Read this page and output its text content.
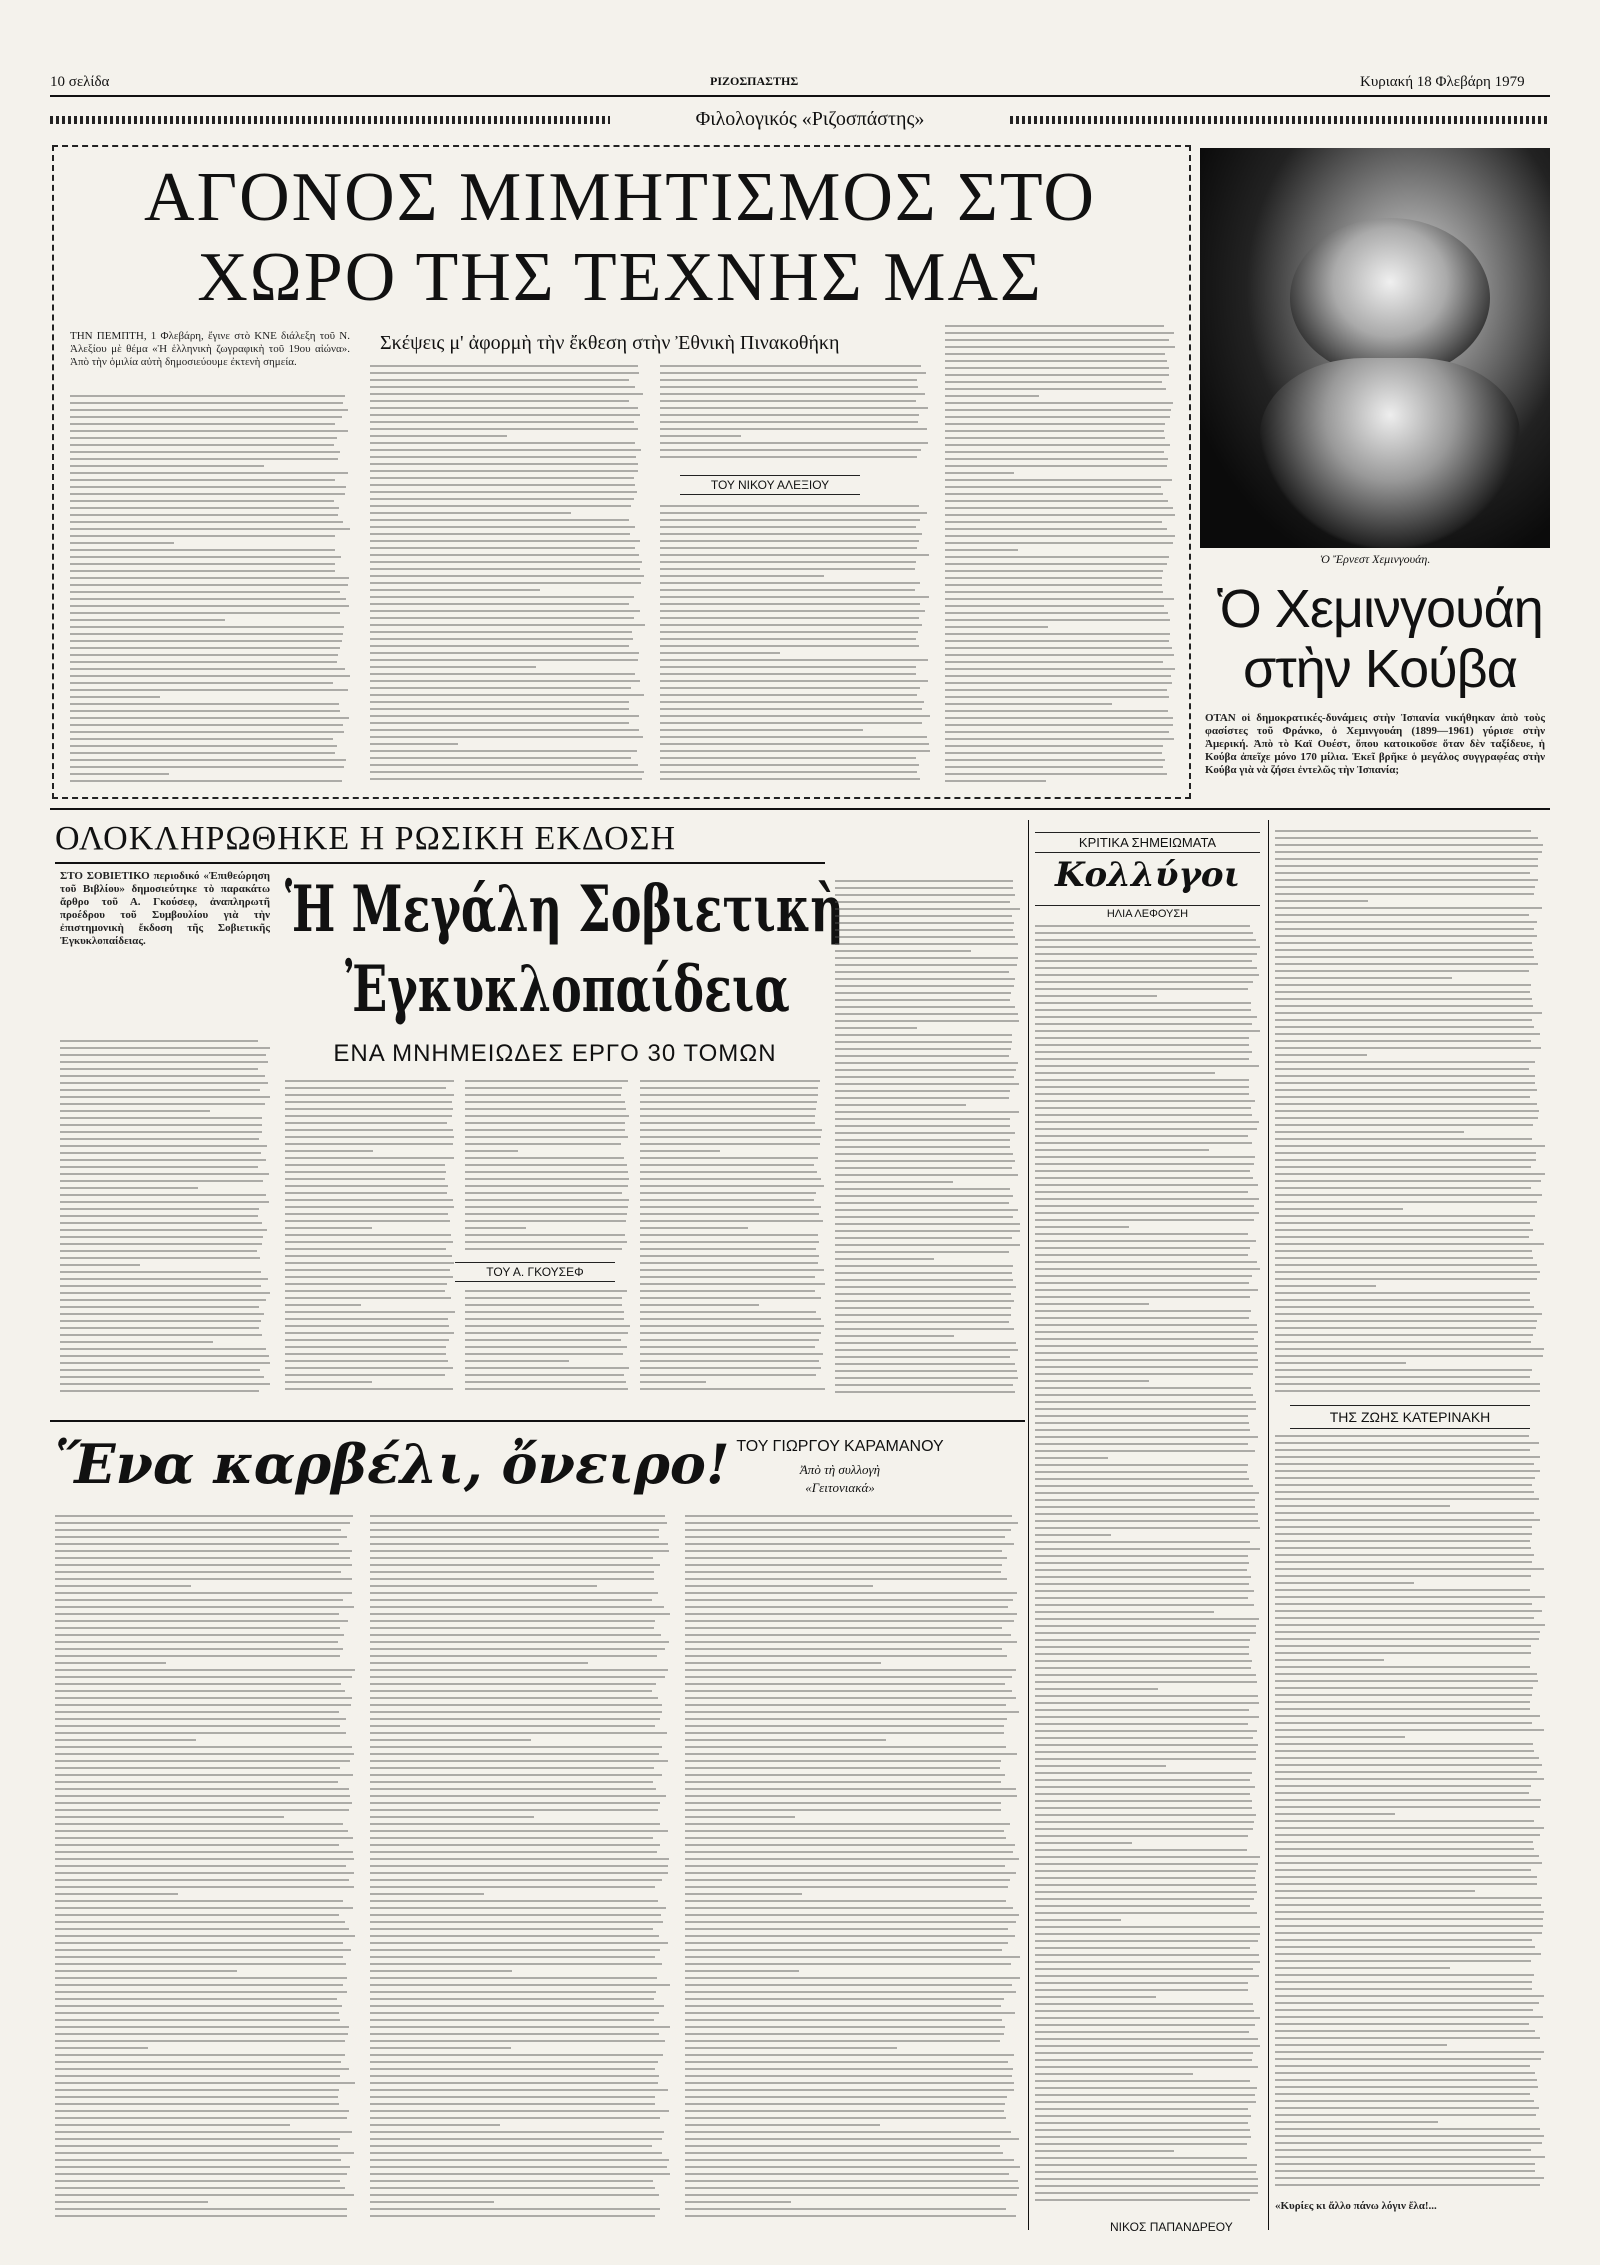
10 σελίδα	ΡΙΖΟΣΠΑΣΤΗΣ	Κυριακή 18 Φλεβάρη 1979
Φιλολογικός «Ριζοσπάστης»
ΑΓΟΝΟΣ ΜΙΜΗΤΙΣΜΟΣ ΣΤΟ
ΧΩΡΟ ΤΗΣ ΤΕΧΝΗΣ ΜΑΣ
ΤΗΝ ΠΕΜΠΤΗ, 1 Φλεβάρη, ἔγινε στὸ ΚΝΕ διάλεξη τοῦ Ν. Ἀλεξίου μὲ θέμα «Ἡ ἑλληνικὴ ζωγραφικὴ τοῦ 19ου αἰώνα». Ἀπὸ τὴν ὁμιλία αὐτὴ δημοσιεύουμε ἐκτενὴ σημεία.
Σκέψεις μ' ἀφορμὴ τὴν ἔκθεση στὴν Ἐθνικὴ Πινακοθήκη
ΤΟΥ ΝΙΚΟΥ ΑΛΕΞΙΟΥ
Ὁ Ἔρνεστ Χεμινγουάη.
Ὁ Χεμινγουάη
στὴν Κούβα
ΟΤΑΝ οἱ δημοκρατικές-δυνάμεις στὴν Ἰσπανία νικήθηκαν ἀπὸ τοὺς φασίστες τοῦ Φράνκο, ὁ Χεμινγουάη (1899—1961) γύρισε στὴν Ἀμερική. Ἀπὸ τὸ Καϊ Ουέστ, ὅπου κατοικοῦσε ὅταν δὲν ταξίδευε, ἡ Κούβα ἀπεῖχε μόνο 170 μίλια. Ἐκεῖ βρῆκε ὁ μεγάλος συγγραφέας στὴν Κούβα γιὰ νὰ ζήσει ἐντελῶς τὴν Ἰσπανία;
ΟΛΟΚΛΗΡΩΘΗΚΕ Η ΡΩΣΙΚΗ ΕΚΔΟΣΗ
ΣΤΟ ΣΟΒΙΕΤΙΚΟ περιοδικό «Ἐπιθεώρηση τοῦ Βιβλίου» δημοσιεύτηκε τὸ παρακάτω ἄρθρο τοῦ Α. Γκούσεφ, ἀναπληρωτῆ προέδρου τοῦ Συμβουλίου γιὰ τὴν ἐπιστημονικὴ ἔκδοση τῆς Σοβιετικῆς Ἐγκυκλοπαίδειας.	Ἡ Μεγάλη Σοβιετικὴ
Ἐγκυκλοπαίδεια
ΕΝΑ ΜΝΗΜΕΙΩΔΕΣ ΕΡΓΟ 30 ΤΟΜΩΝ
ΤΟΥ Α. ΓΚΟΥΣΕΦ
ΚΡΙΤΙΚΑ ΣΗΜΕΙΩΜΑΤΑ
Κολλύγοι
ΗΛΙΑ ΛΕΦΟΥΣΗ
ΝΙΚΟΣ ΠΑΠΑΝΔΡΕΟΥ
ΤΗΣ ΖΩΗΣ ΚΑΤΕΡΙΝΑΚΗ
«Κυρίες κι ἄλλο πάνω λόγιν ἔλα!...
Ἕνα καρβέλι, ὄνειρο! ΤΟΥ ΓΙΩΡΓΟΥ ΚΑΡΑΜΑΝΟΥ
Ἀπὸ τὴ συλλογὴ
«Γειτονιακά»
